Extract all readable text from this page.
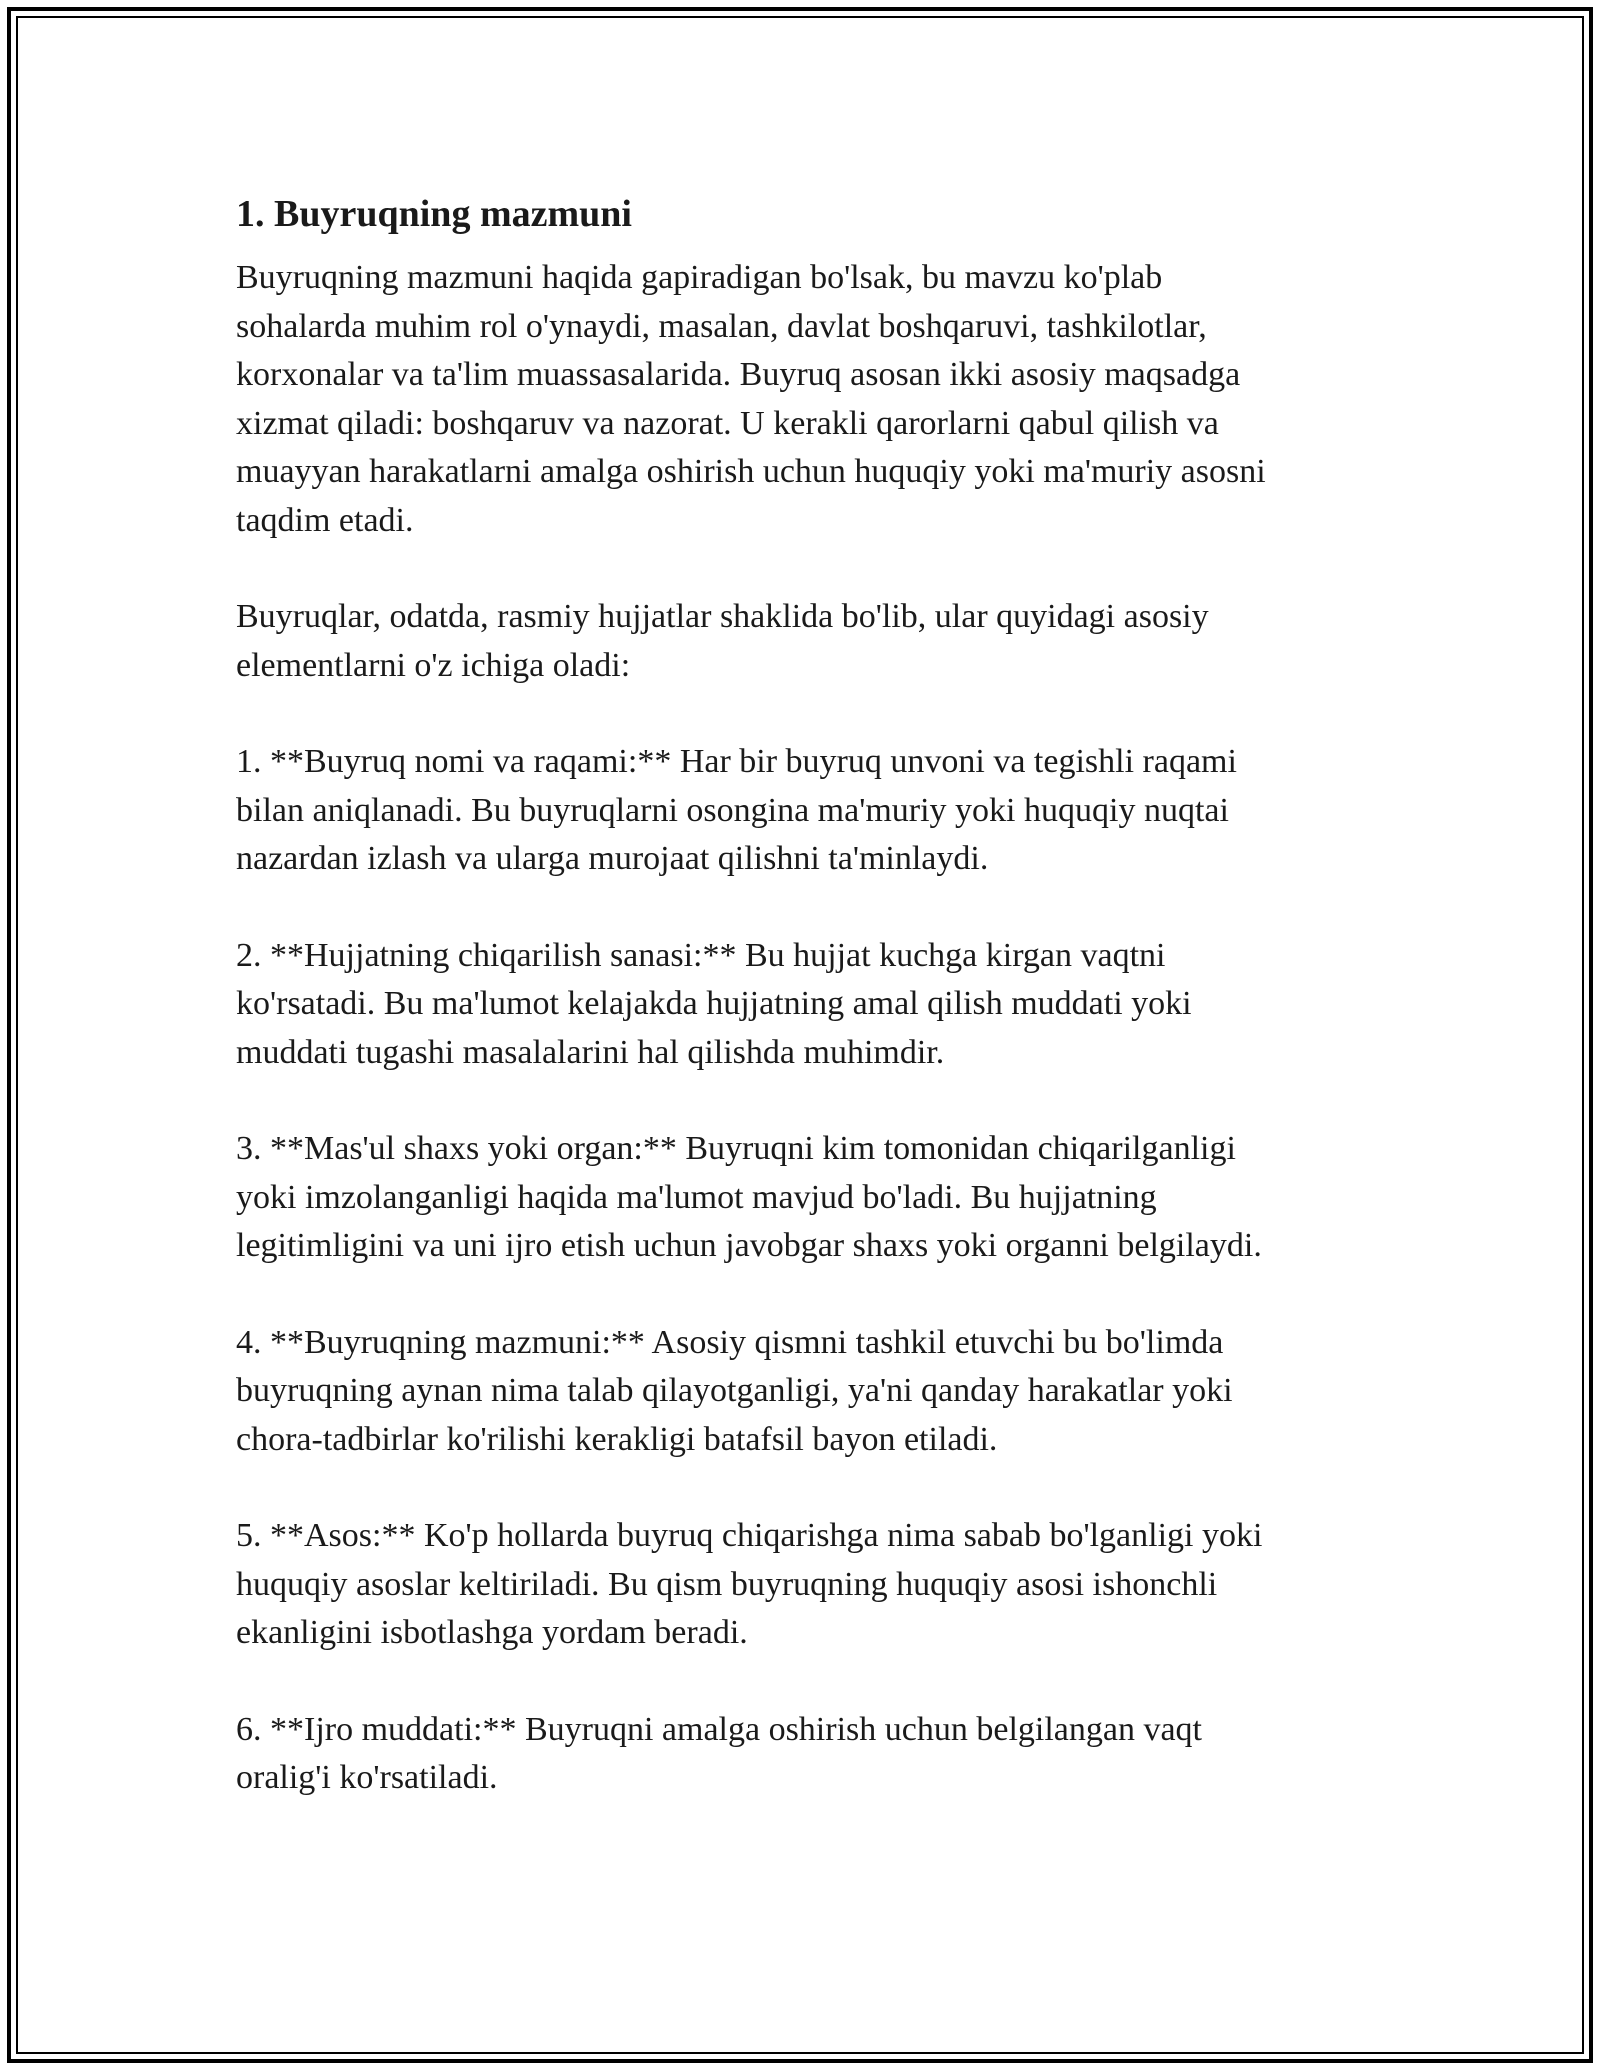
1. Buyruqning mazmuni

Buyruqning mazmuni haqida gapiradigan bo'lsak, bu mavzu ko'plab
sohalarda muhim rol o'ynaydi, masalan, davlat boshqaruvi, tashkilotlar,
korxonalar va ta'lim muassasalarida. Buyruq asosan ikki asosiy maqsadga
xizmat qiladi: boshqaruv va nazorat. U kerakli qarorlarni qabul qilish va
muayyan harakatlarni amalga oshirish uchun huquqiy yoki ma'muriy asosni
taqdim etadi.

Buyruqlar, odatda, rasmiy hujjatlar shaklida bo'lib, ular quyidagi asosiy
elementlarni o'z ichiga oladi:

1. **Buyruq nomi va raqami:** Har bir buyruq unvoni va tegishli raqami
bilan aniqlanadi. Bu buyruqlarni osongina ma'muriy yoki huquqiy nuqtai
nazardan izlash va ularga murojaat qilishni ta'minlaydi.

2. **Hujjatning chiqarilish sanasi:** Bu hujjat kuchga kirgan vaqtni
ko'rsatadi. Bu ma'lumot kelajakda hujjatning amal qilish muddati yoki
muddati tugashi masalalarini hal qilishda muhimdir.

3. **Mas'ul shaxs yoki organ:** Buyruqni kim tomonidan chiqarilganligi
yoki imzolanganligi haqida ma'lumot mavjud bo'ladi. Bu hujjatning
legitimligini va uni ijro etish uchun javobgar shaxs yoki organni belgilaydi.

4. **Buyruqning mazmuni:** Asosiy qismni tashkil etuvchi bu bo'limda
buyruqning aynan nima talab qilayotganligi, ya'ni qanday harakatlar yoki
chora-tadbirlar ko'rilishi kerakligi batafsil bayon etiladi.

5. **Asos:** Ko'p hollarda buyruq chiqarishga nima sabab bo'lganligi yoki
huquqiy asoslar keltiriladi. Bu qism buyruqning huquqiy asosi ishonchli
ekanligini isbotlashga yordam beradi.

6. **Ijro muddati:** Buyruqni amalga oshirish uchun belgilangan vaqt
oralig'i ko'rsatiladi.
